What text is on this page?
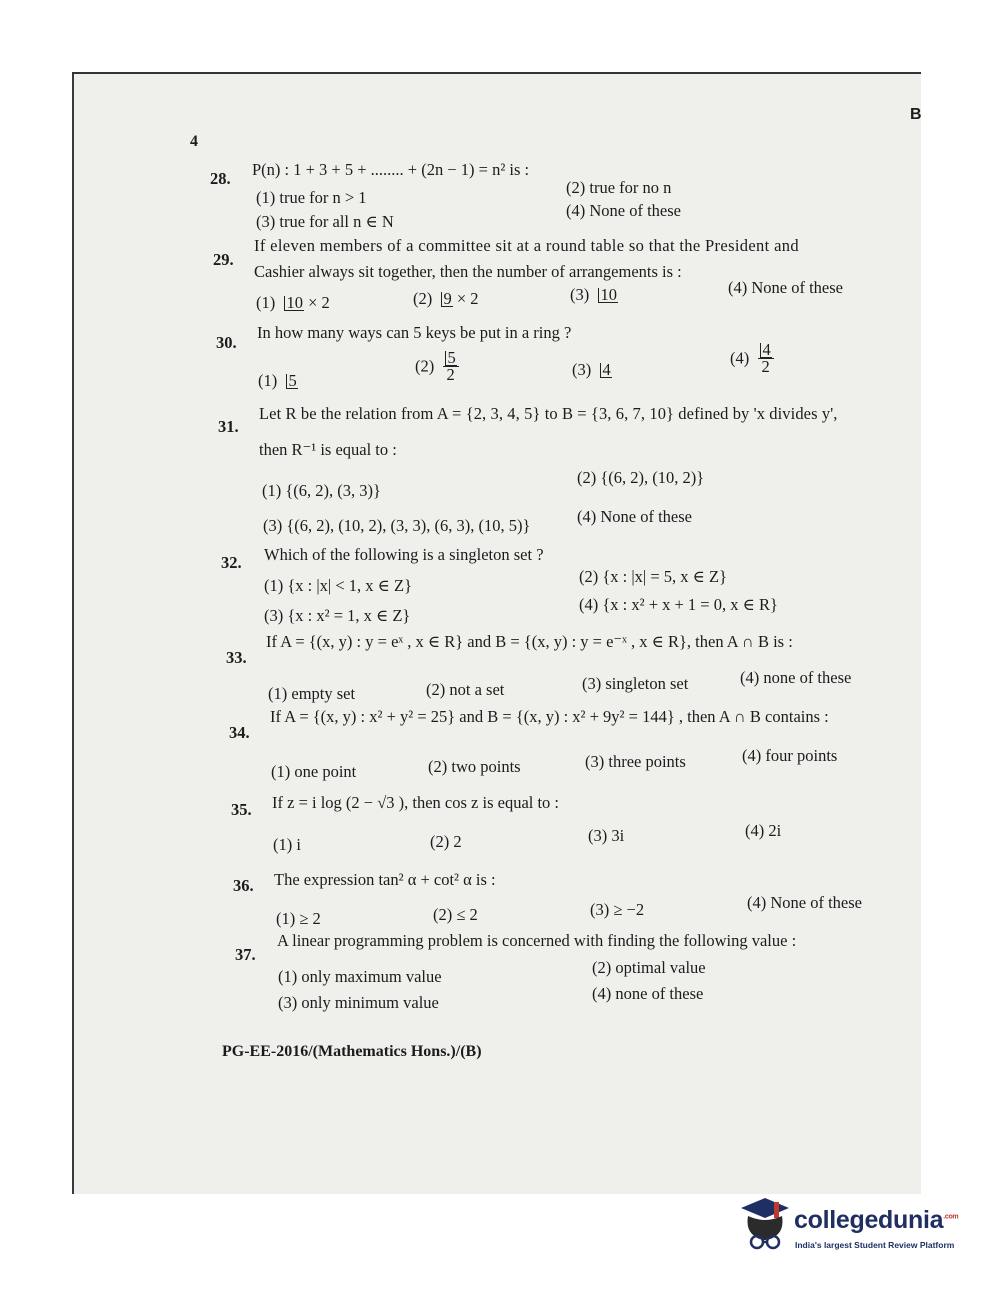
B
4
28. P(n) : 1 + 3 + 5 + ........ + (2n − 1) = n² is :
(1) true for n > 1
(2) true for no n
(3) true for all n ∈ N
(4) None of these
29.
If eleven members of a committee sit at a round table so that the President and
Cashier always sit together, then the number of arrangements is :
(1) 10 × 2	(2) 9 × 2	(3) 10	(4) None of these
30.
In how many ways can 5 keys be put in a ring ?
(1) 5
$(2) \frac{5}{2}$	(3) 4
$(4) \frac{4}{2}$
31.
Let R be the relation from A = {2, 3, 4, 5} to B = {3, 6, 7, 10} defined by 'x divides y',
then R⁻¹ is equal to :
(1) {(6, 2), (3, 3)}
(2) {(6, 2), (10, 2)}
(3) {(6, 2), (10, 2), (3, 3), (6, 3), (10, 5)}	(4) None of these
32. Which of the following is a singleton set ?
(1) {x : |x| < 1, x ∈ Z}	(2) {x : |x| = 5, x ∈ Z}
(3) {x : x² = 1, x ∈ Z}
(4) {x : x² + x + 1 = 0, x ∈ R}
33.
If A = {(x, y) : y = eˣ , x ∈ R} and B = {(x, y) : y = e⁻ˣ , x ∈ R}, then A ∩ B is :
(1) empty set	(2) not a set	(3) singleton set	(4) none of these
34.
If A = {(x, y) : x² + y² = 25} and B = {(x, y) : x² + 9y² = 144} , then A ∩ B contains :
(1) one point	(2) two points	(3) three points	(4) four points
35. If z = i log (2 − √3 ), then cos z is equal to :
(1) i	(2) 2	(3) 3i	(4) 2i
36. The expression tan² α + cot² α is :
(1) ≥ 2	(2) ≤ 2	(3) ≥ −2	(4) None of these
37.
A linear programming problem is concerned with finding the following value :
(1) only maximum value	(2) optimal value
(3) only minimum value	(4) none of these
PG-EE-2016/(Mathematics Hons.)/(B)
collegedunia$^{.com}$
India's largest Student Review Platform
